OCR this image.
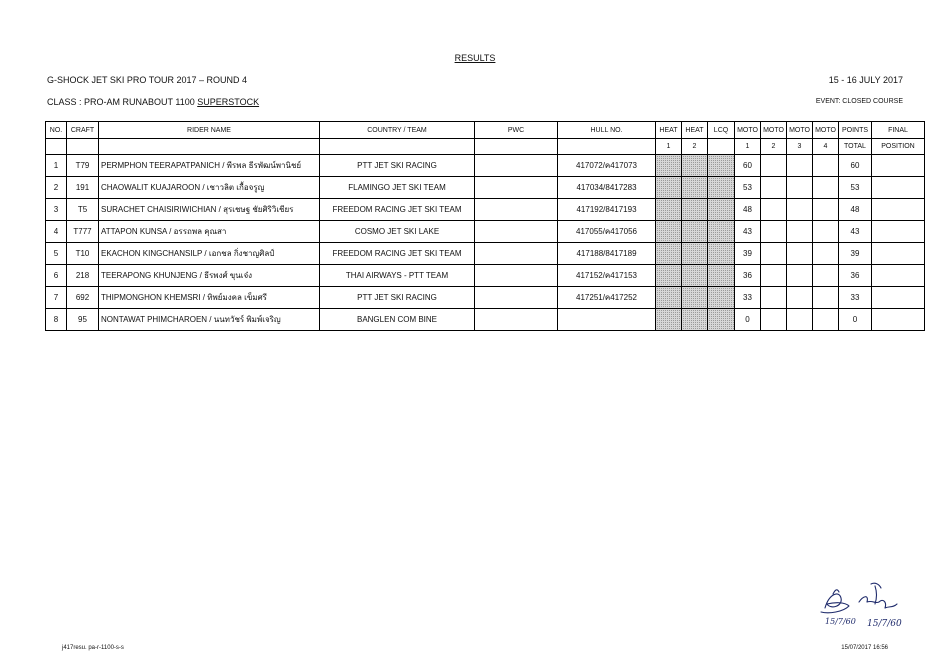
RESULTS
G-SHOCK JET SKI PRO TOUR 2017 – ROUND 4	15 - 16 JULY 2017
CLASS : PRO-AM RUNABOUT 1100 SUPERSTOCK	EVENT: CLOSED COURSE
NO.	CRAFT	RIDER NAME	COUNTRY / TEAM	PWC	HULL NO.	HEAT	HEAT	LCQ	MOTO	MOTO	MOTO	MOTO	POINTS	FINAL
						1	2		1	2	3	4	TOTAL	POSITION
1	T79	PERMPHON TEERAPATPANICH / พีรพล ธีรพัฒน์พานิชย์	PTT JET SKI RACING		417072/ค417073				60				60	
2	191	CHAOWALIT KUAJAROON / เชาวลิต เกื้อจรูญ	FLAMINGO JET SKI TEAM		417034/8417283				53				53	
3	T5	SURACHET CHAISIRIWICHIAN / สุรเชษฐ ชัยศิริวิเชียร	FREEDOM RACING JET SKI TEAM		417192/8417193				48				48	
4	T777	ATTAPON KUNSA / อรรถพล คุณสา	COSMO JET SKI LAKE		417055/ค417056				43				43	
5	T10	EKACHON KINGCHANSILP / เอกชล กิ่งชาญศิลป์	FREEDOM RACING JET SKI TEAM		417188/8417189				39				39	
6	218	TEERAPONG KHUNJENG / ธีรพงศ์ ขุนเจ๋ง	THAI AIRWAYS - PTT TEAM		417152/ค417153				36				36	
7	692	THIPMONGHON KHEMSRI / ทิพย์มงคล เข็มศรี	PTT JET SKI RACING		417251/ค417252				33				33	
8	95	NONTAWAT PHIMCHAROEN / นนทวัชร์ พิมพ์เจริญ	BANGLEN COM BINE						0				0	
15/7/60 15/7/60
j417resu. pa-r-1100-s-s	15/07/2017 16:56
